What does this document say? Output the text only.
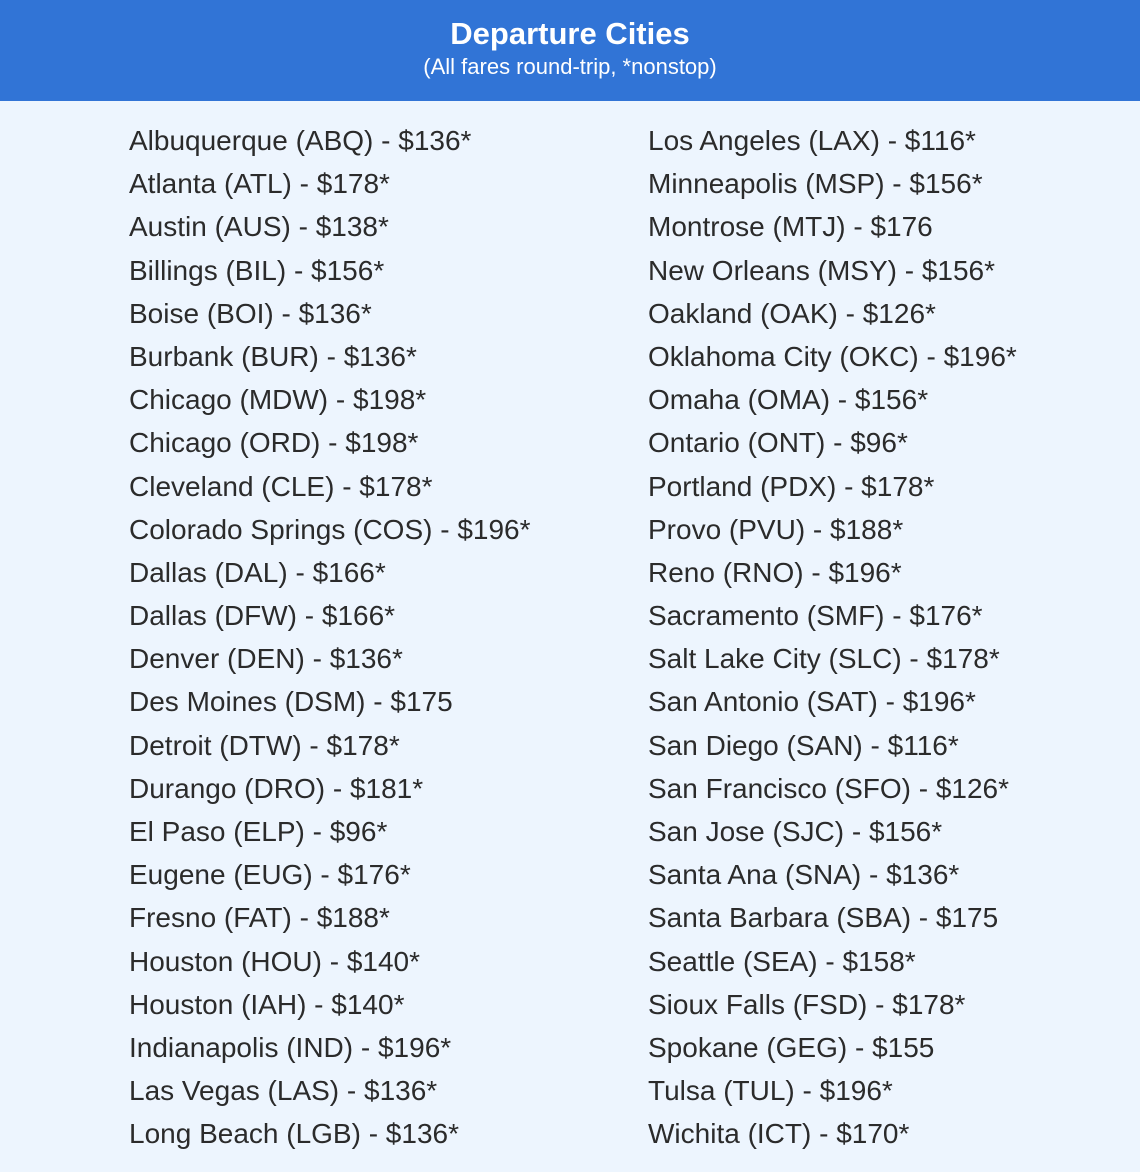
Departure Cities
(All fares round-trip, *nonstop)
Albuquerque (ABQ) - $136*
Atlanta (ATL) - $178*
Austin (AUS) - $138*
Billings (BIL) - $156*
Boise (BOI) - $136*
Burbank (BUR) - $136*
Chicago (MDW) - $198*
Chicago (ORD) - $198*
Cleveland (CLE) - $178*
Colorado Springs (COS) - $196*
Dallas (DAL) - $166*
Dallas (DFW) - $166*
Denver (DEN) - $136*
Des Moines (DSM) - $175
Detroit (DTW) - $178*
Durango (DRO) - $181*
El Paso (ELP) - $96*
Eugene (EUG) - $176*
Fresno (FAT) - $188*
Houston (HOU) - $140*
Houston (IAH) - $140*
Indianapolis (IND) - $196*
Las Vegas (LAS) - $136*
Long Beach (LGB) - $136*
Los Angeles (LAX) - $116*
Minneapolis (MSP) - $156*
Montrose (MTJ) - $176
New Orleans (MSY) - $156*
Oakland (OAK) - $126*
Oklahoma City (OKC) - $196*
Omaha (OMA) - $156*
Ontario (ONT) - $96*
Portland (PDX) - $178*
Provo (PVU) - $188*
Reno (RNO) - $196*
Sacramento (SMF) - $176*
Salt Lake City (SLC) - $178*
San Antonio (SAT) - $196*
San Diego (SAN) - $116*
San Francisco (SFO) - $126*
San Jose (SJC) - $156*
Santa Ana (SNA) - $136*
Santa Barbara (SBA) - $175
Seattle (SEA) - $158*
Sioux Falls (FSD) - $178*
Spokane (GEG) - $155
Tulsa (TUL) - $196*
Wichita (ICT) - $170*
